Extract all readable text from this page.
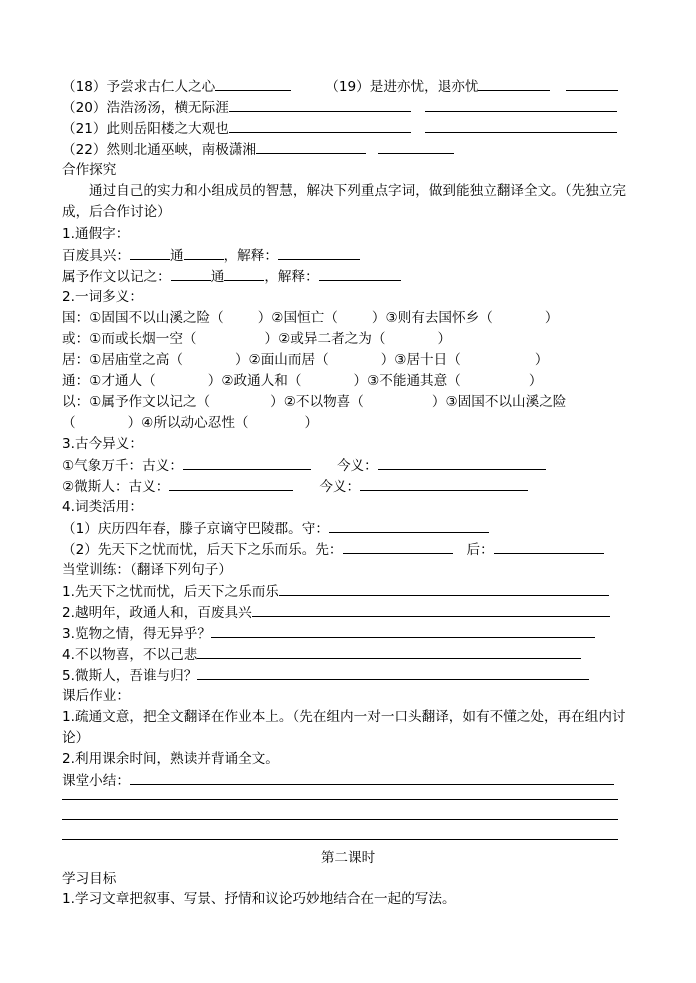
（18）予尝求古仁人之心	（19）是进亦忧，退亦忧
（20）浩浩汤汤，横无际涯
（21）此则岳阳楼之大观也
（22）然则北通巫峡，南极潇湘
合作探究
通过自己的实力和小组成员的智慧，解决下列重点字词，做到能独立翻译全文。（先独立完成，后合作讨论）
1.通假字：
百废具兴：	通	，解释：
属予作文以记之：	通	，解释：
2.一词多义：
国：①固国不以山溪之险（	）②国恒亡（	）③则有去国怀乡（	）
或：①而或长烟一空（	）②或异二者之为（	）
居：①居庙堂之高（	）②面山而居（	）③居十日（	）
通：①才通人（	）②政通人和（	）③不能通其意（	）
以：①属予作文以记之（	）②不以物喜（	）③固国不以山溪之险
（	）④所以动心忍性（	）
3.古今异义：
①气象万千：古义：	今义：
②微斯人：古义：	今义：
4.词类活用：
（1）庆历四年春，滕子京谪守巴陵郡。守：
（2）先天下之忧而忧，后天下之乐而乐。先：	后：
当堂训练：（翻译下列句子）
1.先天下之忧而忧，后天下之乐而乐
2.越明年，政通人和，百废具兴
3.览物之情，得无异乎？
4.不以物喜，不以己悲
5.微斯人，吾谁与归？
课后作业：
1.疏通文意，把全文翻译在作业本上。（先在组内一对一口头翻译，如有不懂之处，再在组内讨论）
2.利用课余时间，熟读并背诵全文。
课堂小结：
第二课时
学习目标
1.学习文章把叙事、写景、抒情和议论巧妙地结合在一起的写法。
